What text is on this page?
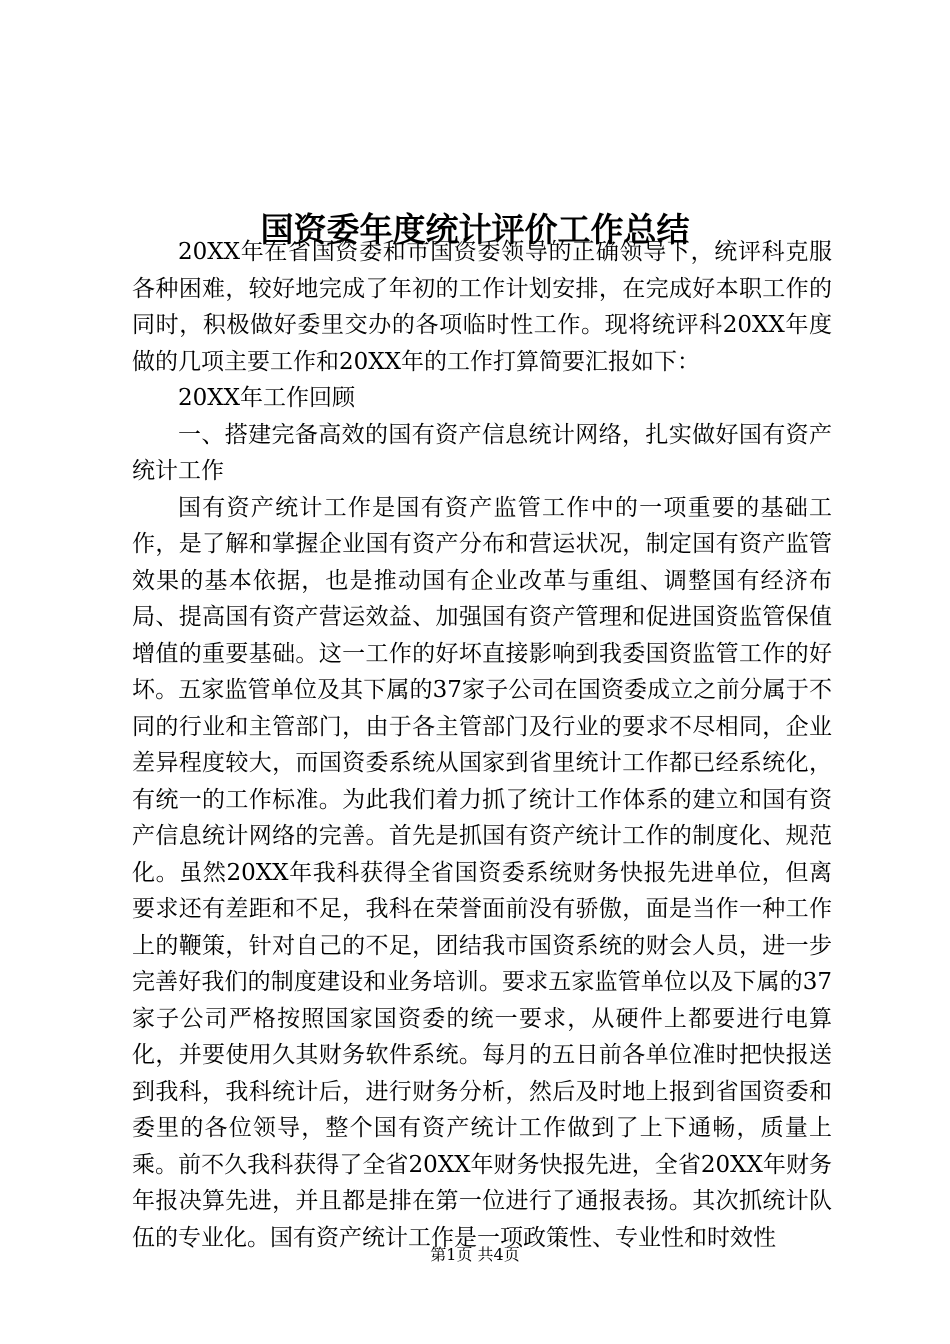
国资委年度统计评价工作总结

20XX年在省国资委和市国资委领导的正确领导下，统评科克服各种困难，较好地完成了年初的工作计划安排，在完成好本职工作的同时，积极做好委里交办的各项临时性工作。现将统评科20XX年度做的几项主要工作和20XX年的工作打算简要汇报如下：

20XX年工作回顾

一、搭建完备高效的国有资产信息统计网络，扎实做好国有资产统计工作

国有资产统计工作是国有资产监管工作中的一项重要的基础工作，是了解和掌握企业国有资产分布和营运状况，制定国有资产监管效果的基本依据，也是推动国有企业改革与重组、调整国有经济布局、提高国有资产营运效益、加强国有资产管理和促进国资监管保值增值的重要基础。这一工作的好坏直接影响到我委国资监管工作的好坏。五家监管单位及其下属的37家子公司在国资委成立之前分属于不同的行业和主管部门，由于各主管部门及行业的要求不尽相同，企业差异程度较大，而国资委系统从国家到省里统计工作都已经系统化，有统一的工作标准。为此我们着力抓了统计工作体系的建立和国有资产信息统计网络的完善。首先是抓国有资产统计工作的制度化、规范化。虽然20XX年我科获得全省国资委系统财务快报先进单位，但离要求还有差距和不足，我科在荣誉面前没有骄傲，面是当作一种工作上的鞭策，针对自己的不足，团结我市国资系统的财会人员，进一步完善好我们的制度建设和业务培训。要求五家监管单位以及下属的37家子公司严格按照国家国资委的统一要求，从硬件上都要进行电算化，并要使用久其财务软件系统。每月的五日前各单位准时把快报送到我科，我科统计后，进行财务分析，然后及时地上报到省国资委和委里的各位领导，整个国有资产统计工作做到了上下通畅，质量上乘。前不久我科获得了全省20XX年财务快报先进，全省20XX年财务年报决算先进，并且都是排在第一位进行了通报表扬。其次抓统计队伍的专业化。国有资产统计工作是一项政策性、专业性和时效性

第1页 共4页
